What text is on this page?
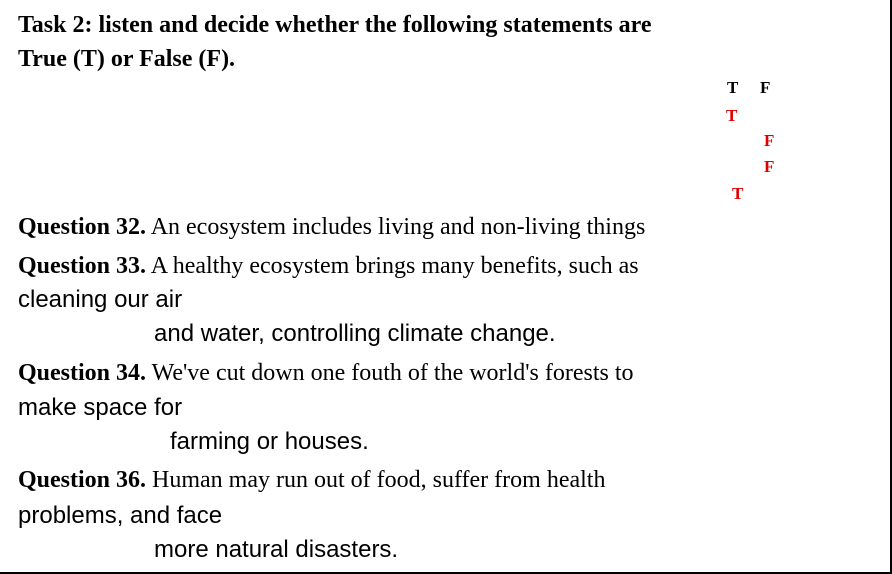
Task 2: listen and decide whether the following statements are
True (T) or False (F).
T F
T
F
F
T
Question 32. An ecosystem includes living and non-living things
Question 33. A healthy ecosystem brings many benefits, such as
cleaning our air
and water, controlling climate change.
Question 34. We've cut down one fouth of the world's forests to
make space for
farming or houses.
Question 36. Human may run out of food, suffer from health
problems, and face
more natural disasters.
